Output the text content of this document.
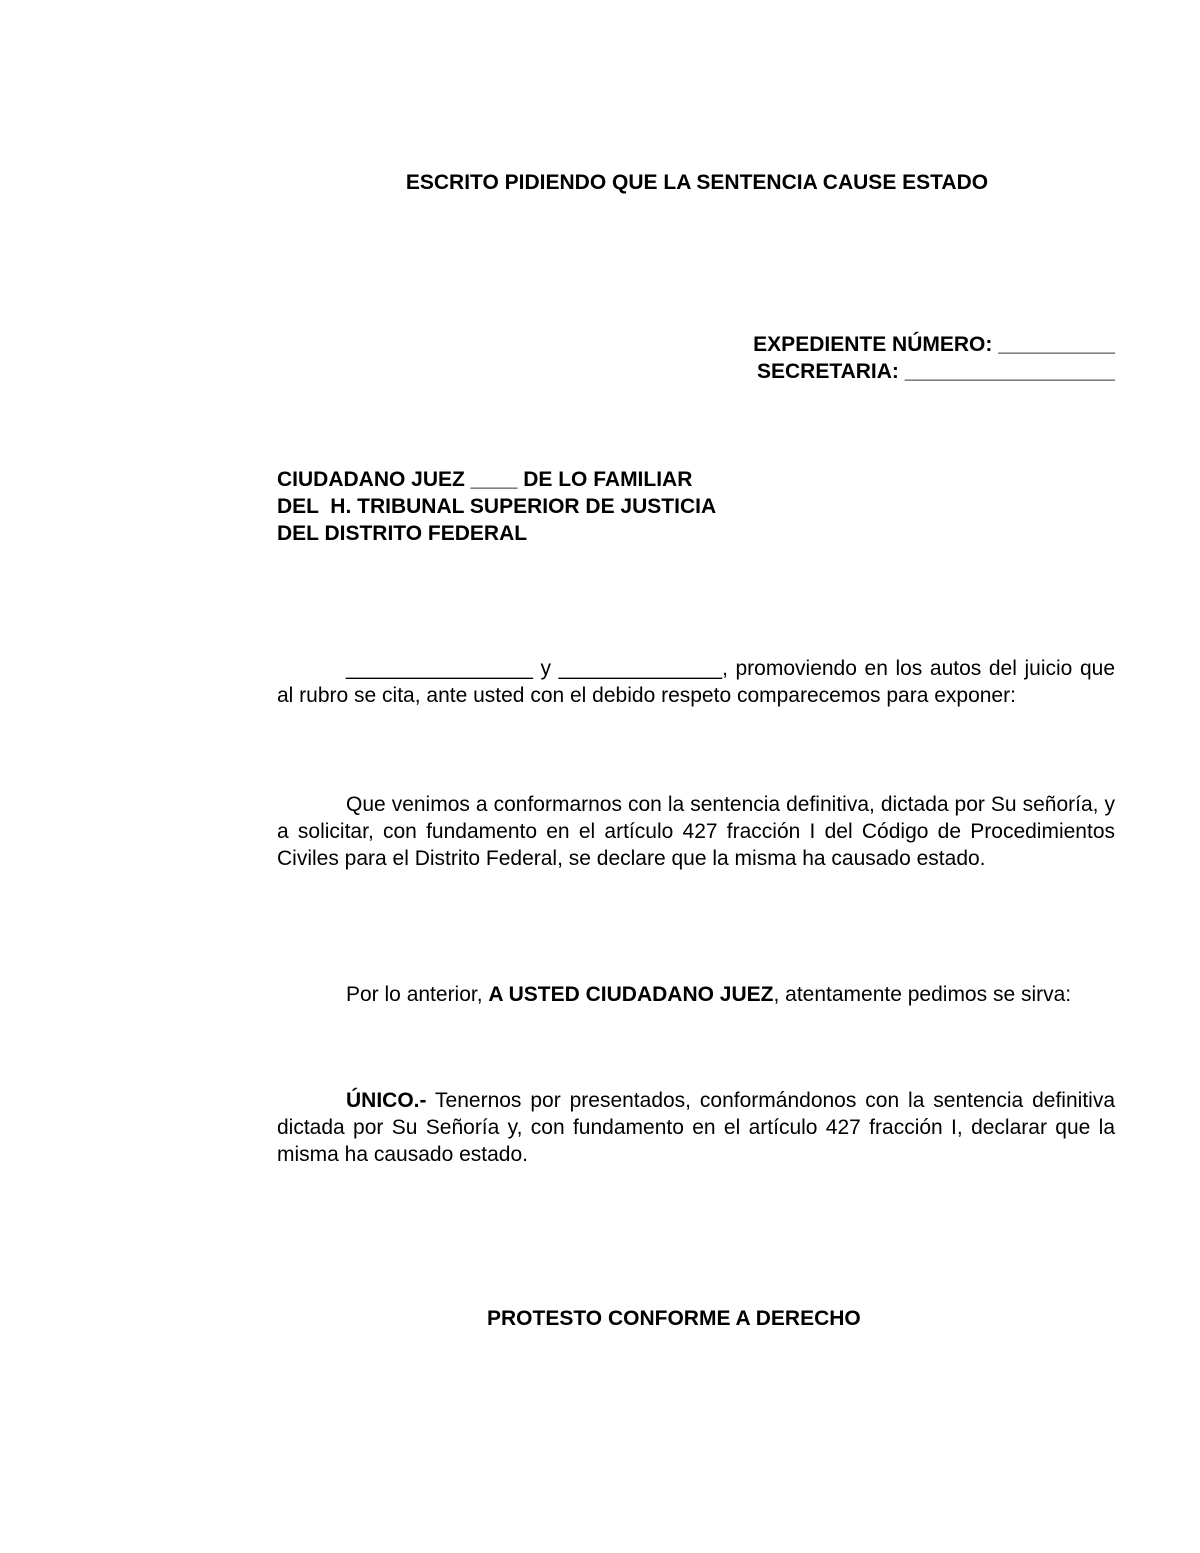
ESCRITO PIDIENDO QUE LA SENTENCIA CAUSE ESTADO
EXPEDIENTE NÚMERO: __________
SECRETARIA: __________________
CIUDADANO JUEZ ____ DE LO FAMILIAR
DEL  H. TRIBUNAL SUPERIOR DE JUSTICIA
DEL DISTRITO FEDERAL
________________ y ______________, promoviendo en los autos del juicio que al rubro se cita, ante usted con el debido respeto comparecemos para exponer:
Que venimos a conformarnos con la sentencia definitiva, dictada por Su señoría, y a solicitar, con fundamento en el artículo 427 fracción I del Código de Procedimientos Civiles para el Distrito Federal, se declare que la misma ha causado estado.
Por lo anterior, A USTED CIUDADANO JUEZ, atentamente pedimos se sirva:
ÚNICO.- Tenernos por presentados, conformándonos con la sentencia definitiva dictada por Su Señoría y, con fundamento en el artículo 427 fracción I, declarar que la misma ha causado estado.
PROTESTO CONFORME A DERECHO
